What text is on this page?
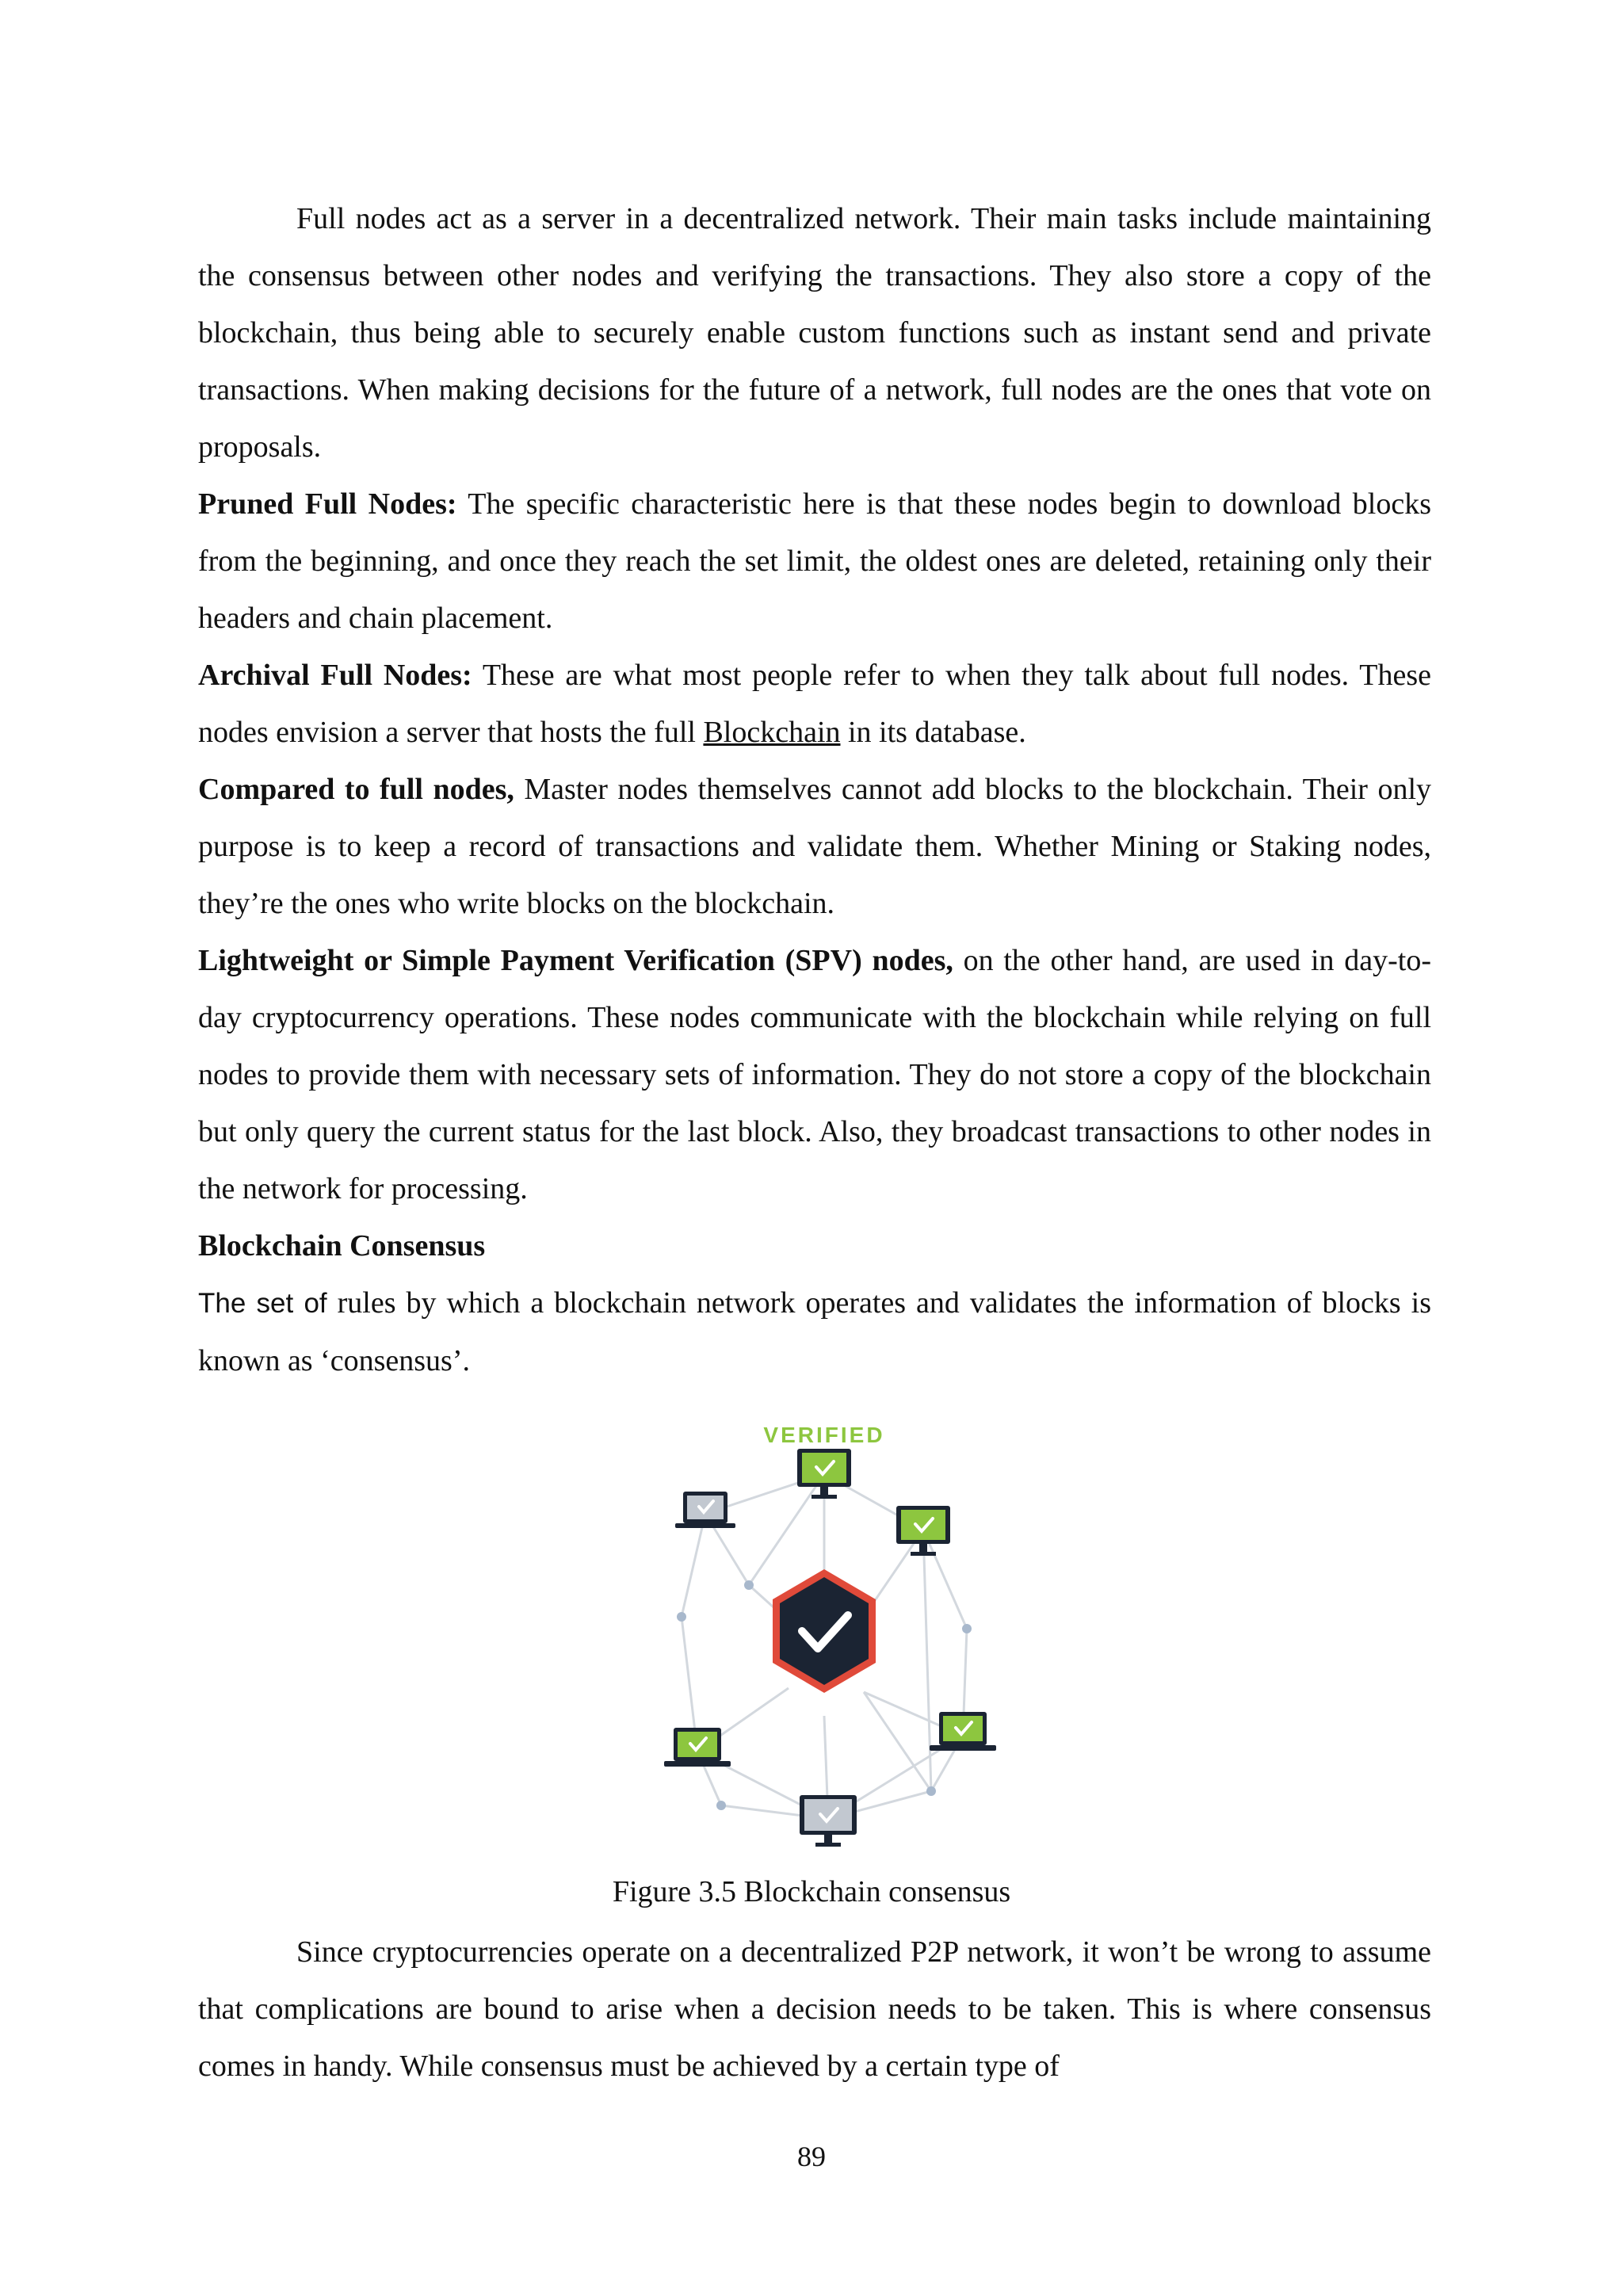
Full nodes act as a server in a decentralized network. Their main tasks include maintaining the consensus between other nodes and verifying the transactions. They also store a copy of the blockchain, thus being able to securely enable custom functions such as instant send and private transactions. When making decisions for the future of a network, full nodes are the ones that vote on proposals.

Pruned Full Nodes: The specific characteristic here is that these nodes begin to download blocks from the beginning, and once they reach the set limit, the oldest ones are deleted, retaining only their headers and chain placement.

Archival Full Nodes: These are what most people refer to when they talk about full nodes. These nodes envision a server that hosts the full Blockchain in its database.

Compared to full nodes, Master nodes themselves cannot add blocks to the blockchain. Their only purpose is to keep a record of transactions and validate them. Whether Mining or Staking nodes, they’re the ones who write blocks on the blockchain.

Lightweight or Simple Payment Verification (SPV) nodes, on the other hand, are used in day-to-day cryptocurrency operations. These nodes communicate with the blockchain while relying on full nodes to provide them with necessary sets of information. They do not store a copy of the blockchain but only query the current status for the last block. Also, they broadcast transactions to other nodes in the network for processing.

Blockchain Consensus

The set of rules by which a blockchain network operates and validates the information of blocks is known as ‘consensus’.

VERIFIED
Figure 3.5 Blockchain consensus

Since cryptocurrencies operate on a decentralized P2P network, it won’t be wrong to assume that complications are bound to arise when a decision needs to be taken. This is where consensus comes in handy. While consensus must be achieved by a certain type of

89
